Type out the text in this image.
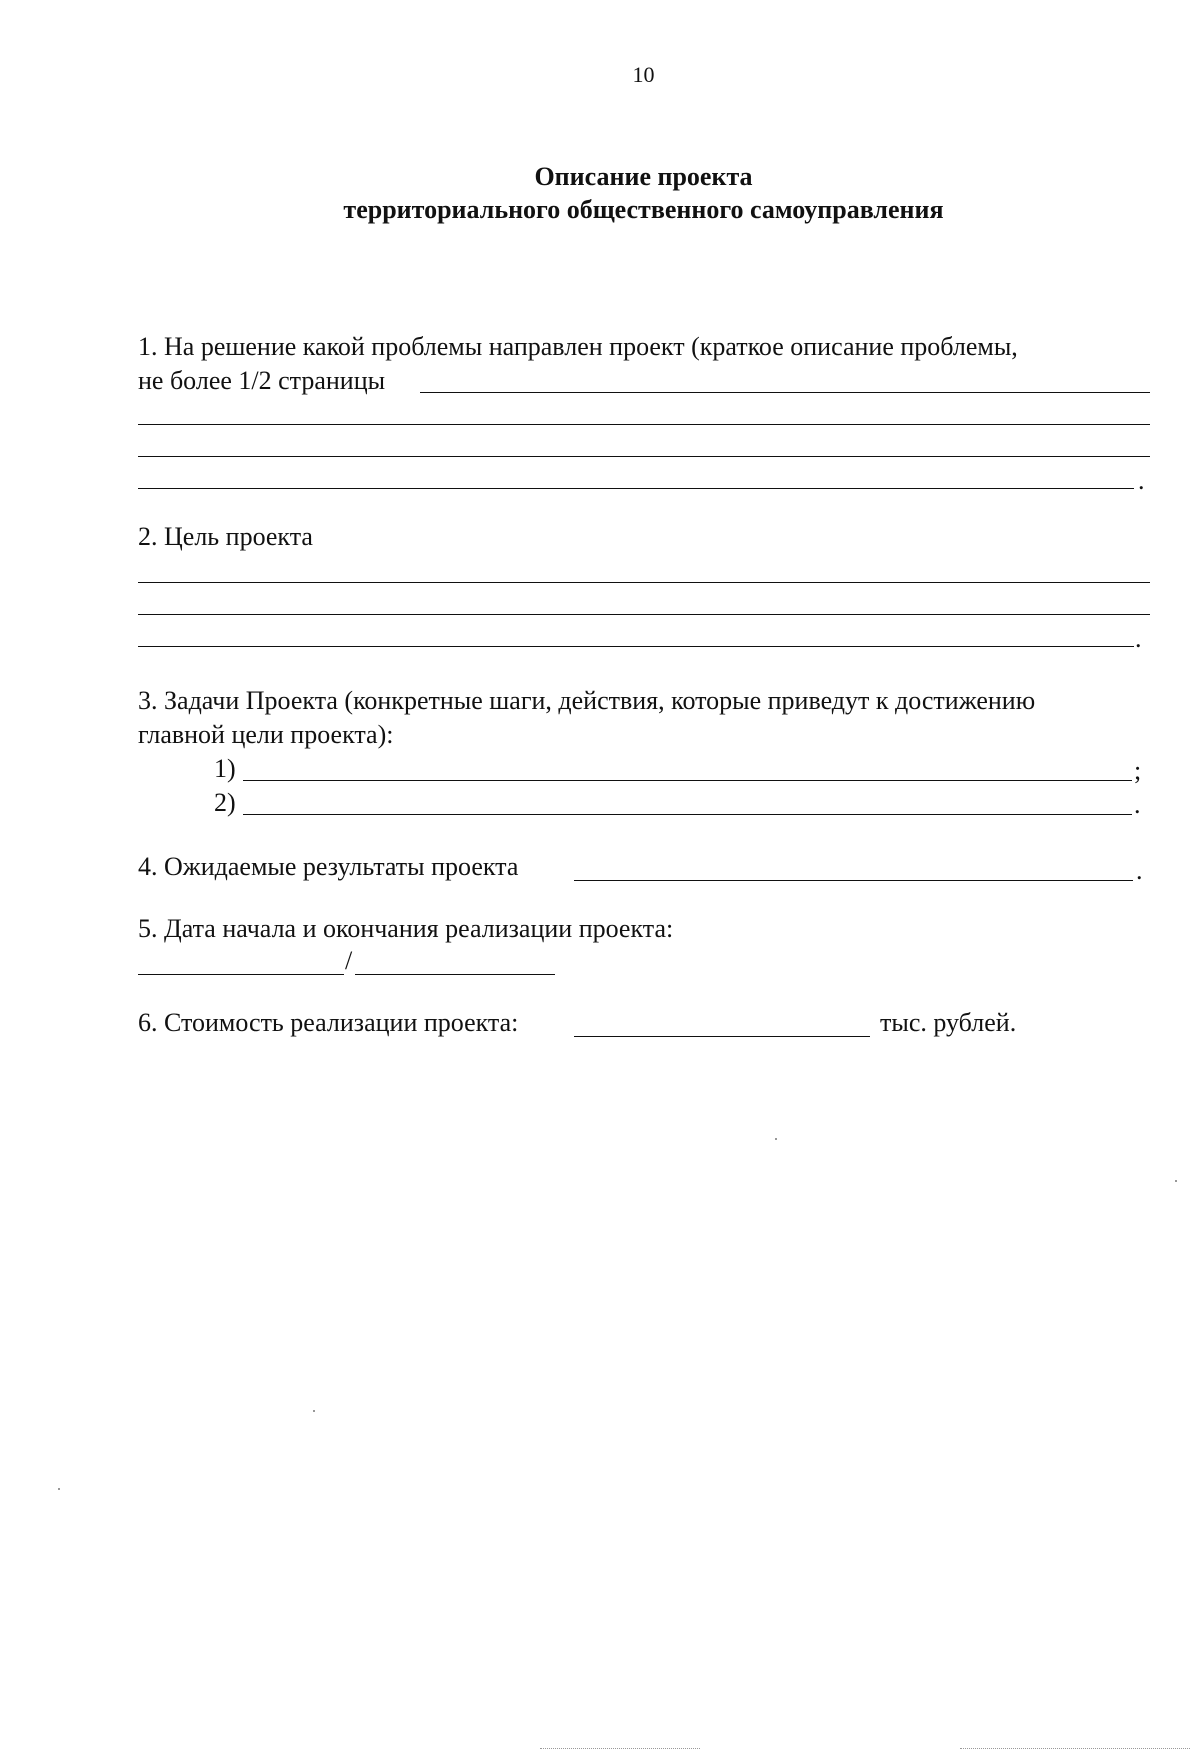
10
Описание проекта
территориального общественного самоуправления
1. На решение какой проблемы направлен проект (краткое описание проблемы,
не более 1/2 страницы
.
2. Цель проекта
.
3. Задачи Проекта (конкретные шаги, действия, которые приведут к достижению
главной цели проекта):
1)	;
2)	.
4. Ожидаемые результаты проекта	.
5. Дата начала и окончания реализации проекта:
/
6. Стоимость реализации проекта:	тыс. рублей.
